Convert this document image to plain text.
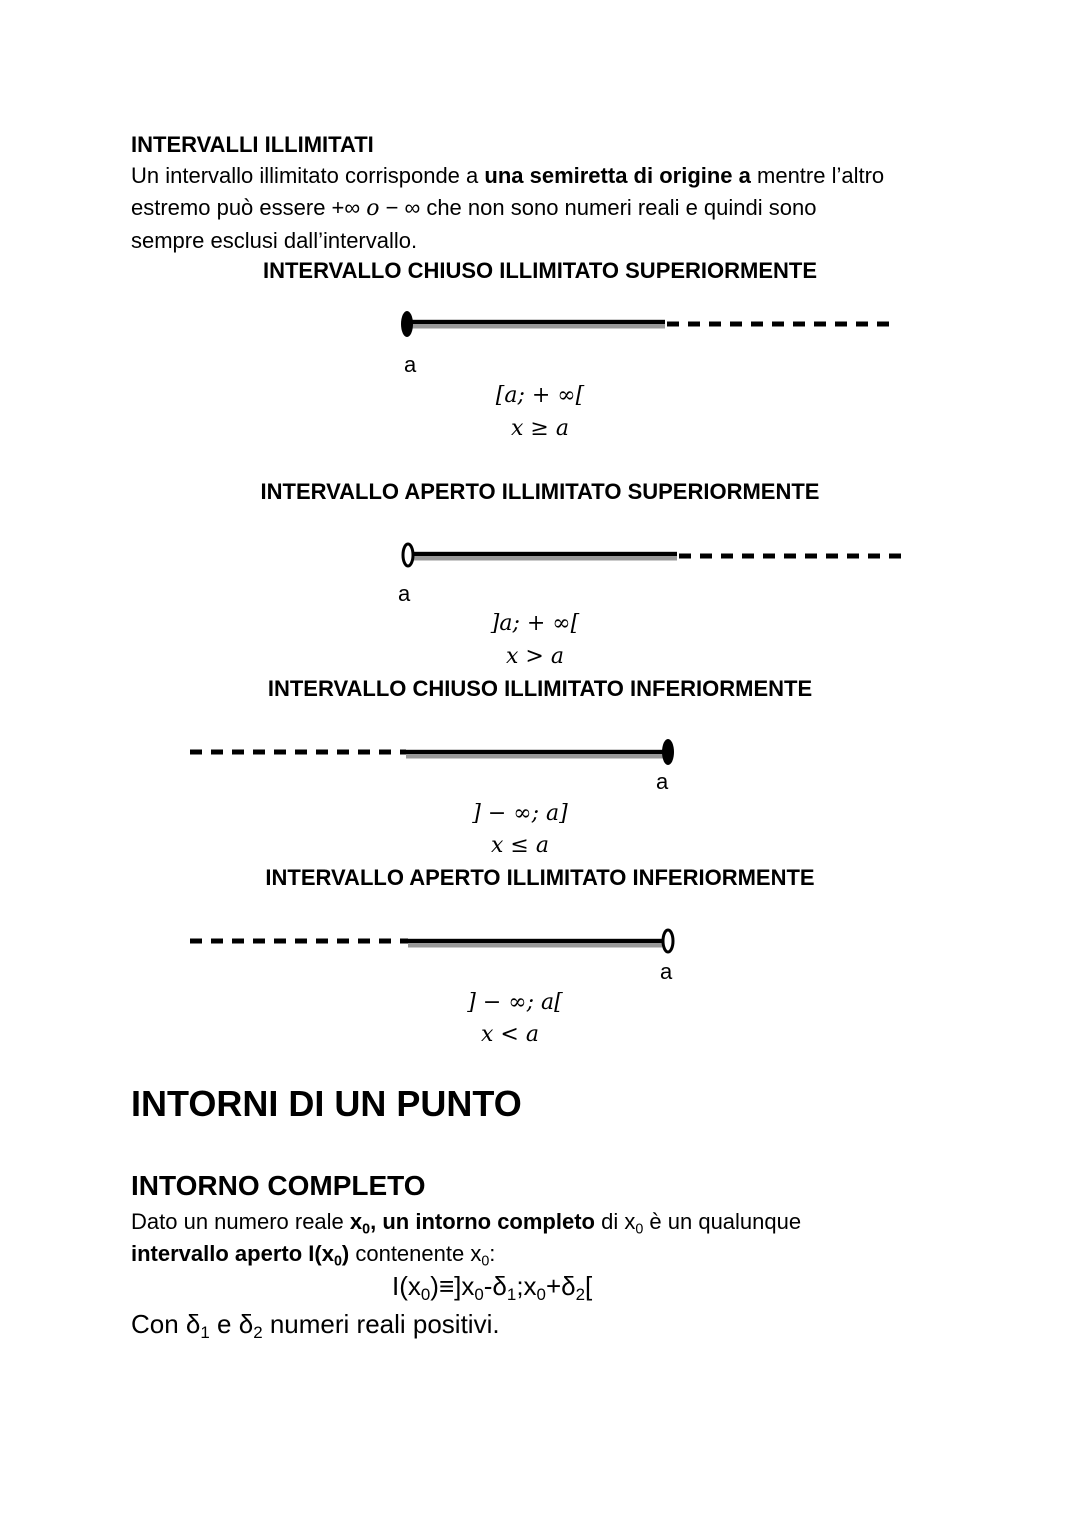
INTERVALLI ILLIMITATI
Un intervallo illimitato corrisponde a una semiretta di origine a mentre l’altro
estremo può essere +∞ o − ∞ che non sono numeri reali e quindi sono
sempre esclusi dall’intervallo.
INTERVALLO CHIUSO ILLIMITATO SUPERIORMENTE
a
[a; + ∞[
x ≥ a
INTERVALLO APERTO ILLIMITATO SUPERIORMENTE
a
]a; + ∞[
x > a
INTERVALLO CHIUSO ILLIMITATO INFERIORMENTE
a
] − ∞; a]
x ≤ a
INTERVALLO APERTO ILLIMITATO INFERIORMENTE
a
] − ∞; a[
x < a
INTORNI DI UN PUNTO
INTORNO COMPLETO
Dato un numero reale $x_0$, un intorno completo di $x_0$ è un qualunque
intervallo aperto $I(x_0)$ contenente $x_0$:
$I(x_0)\equiv]x_0-\delta_1;x_0+\delta_2$[
Con $\delta_1$ e $\delta_2$ numeri reali positivi.
